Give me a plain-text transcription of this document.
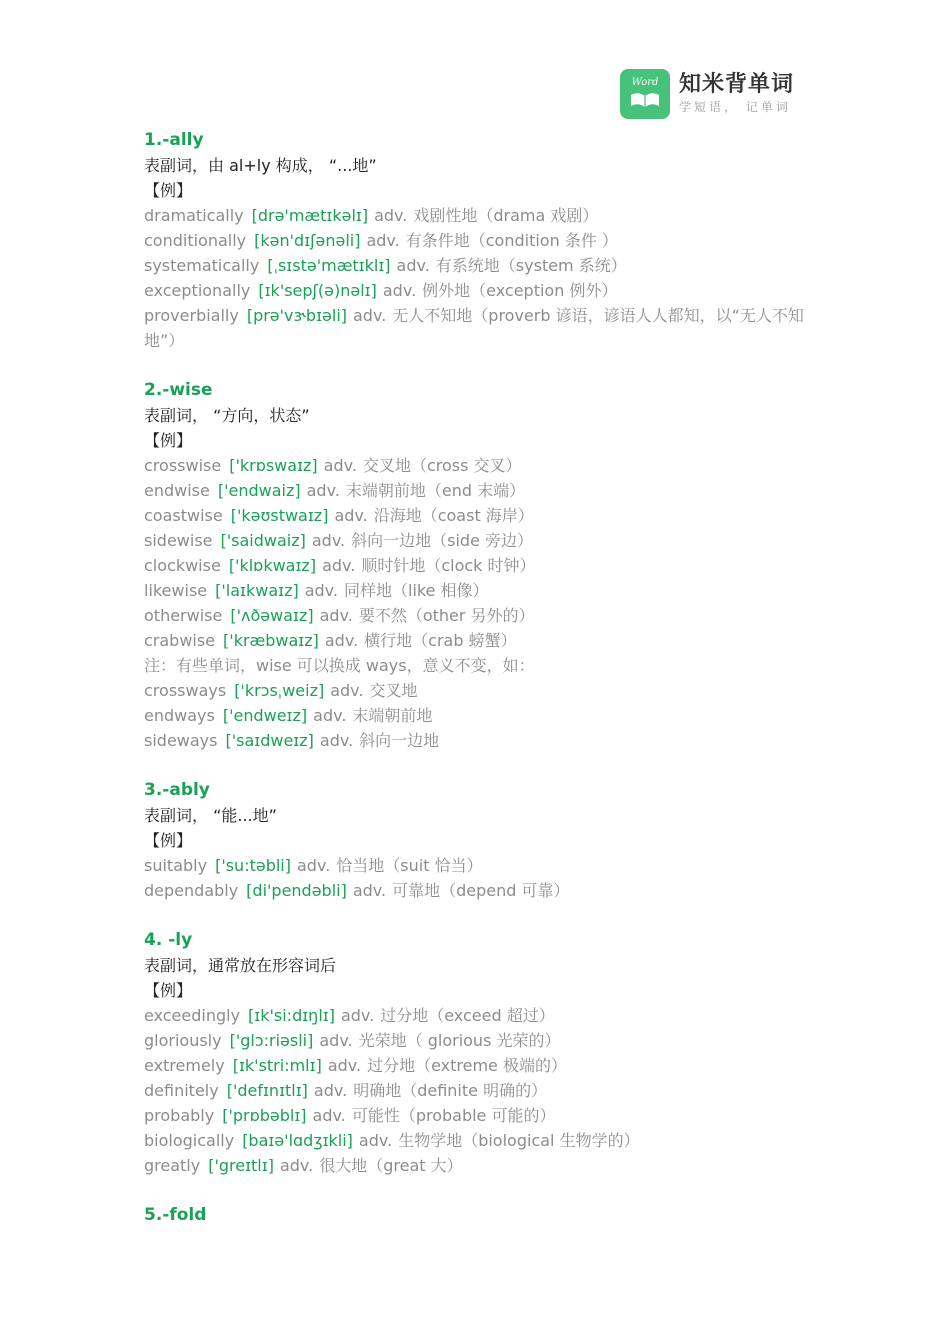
Word 知米背单词
学短语， 记单词
1.-ally
表副词，由 al+ly 构成， “...地”
【例】
dramatically [drə'mætɪkəlɪ] adv. 戏剧性地（drama 戏剧）
conditionally [kən'dɪʃənəli] adv. 有条件地（condition 条件 ）
systematically [ˌsɪstə'mætɪklɪ] adv. 有系统地（system 系统）
exceptionally [ɪk'sepʃ(ə)nəlɪ] adv. 例外地（exception 例外）
proverbially [prə'vɝbɪəli] adv. 无人不知地（proverb 谚语，谚语人人都知，以“无人不知地”）
2.-wise
表副词， “方向，状态”
【例】
crosswise ['krɒswaɪz] adv. 交叉地（cross 交叉）
endwise ['endwaiz] adv. 末端朝前地（end 末端）
coastwise ['kəʊstwaɪz] adv. 沿海地（coast 海岸）
sidewise ['saidwaiz] adv. 斜向一边地（side 旁边）
clockwise ['klɒkwaɪz] adv. 顺时针地（clock 时钟）
likewise ['laɪkwaɪz] adv. 同样地（like 相像）
otherwise ['ʌðəwaɪz] adv. 要不然（other 另外的）
crabwise ['kræbwaɪz] adv. 横行地（crab 螃蟹）
注：有些单词，wise 可以换成 ways，意义不变，如：
crossways ['krɔsˌweiz] adv. 交叉地
endways ['endweɪz] adv. 末端朝前地
sideways ['saɪdweɪz] adv. 斜向一边地
3.-ably
表副词， “能...地”
【例】
suitably ['su:təbli] adv. 恰当地（suit 恰当）
dependably [di'pendəbli] adv. 可靠地（depend 可靠）
4. -ly
表副词，通常放在形容词后
【例】
exceedingly [ɪk'si:dɪŋlɪ] adv. 过分地（exceed 超过）
gloriously ['glɔ:riəsli] adv. 光荣地（ glorious 光荣的）
extremely [ɪk'stri:mlɪ] adv. 过分地（extreme 极端的）
definitely ['defɪnɪtlɪ] adv. 明确地（definite 明确的）
probably ['prɒbəblɪ] adv. 可能性（probable 可能的）
biologically [baɪə'lɑdʒɪkli] adv. 生物学地（biological 生物学的）
greatly ['greɪtlɪ] adv. 很大地（great 大）
5.-fold
